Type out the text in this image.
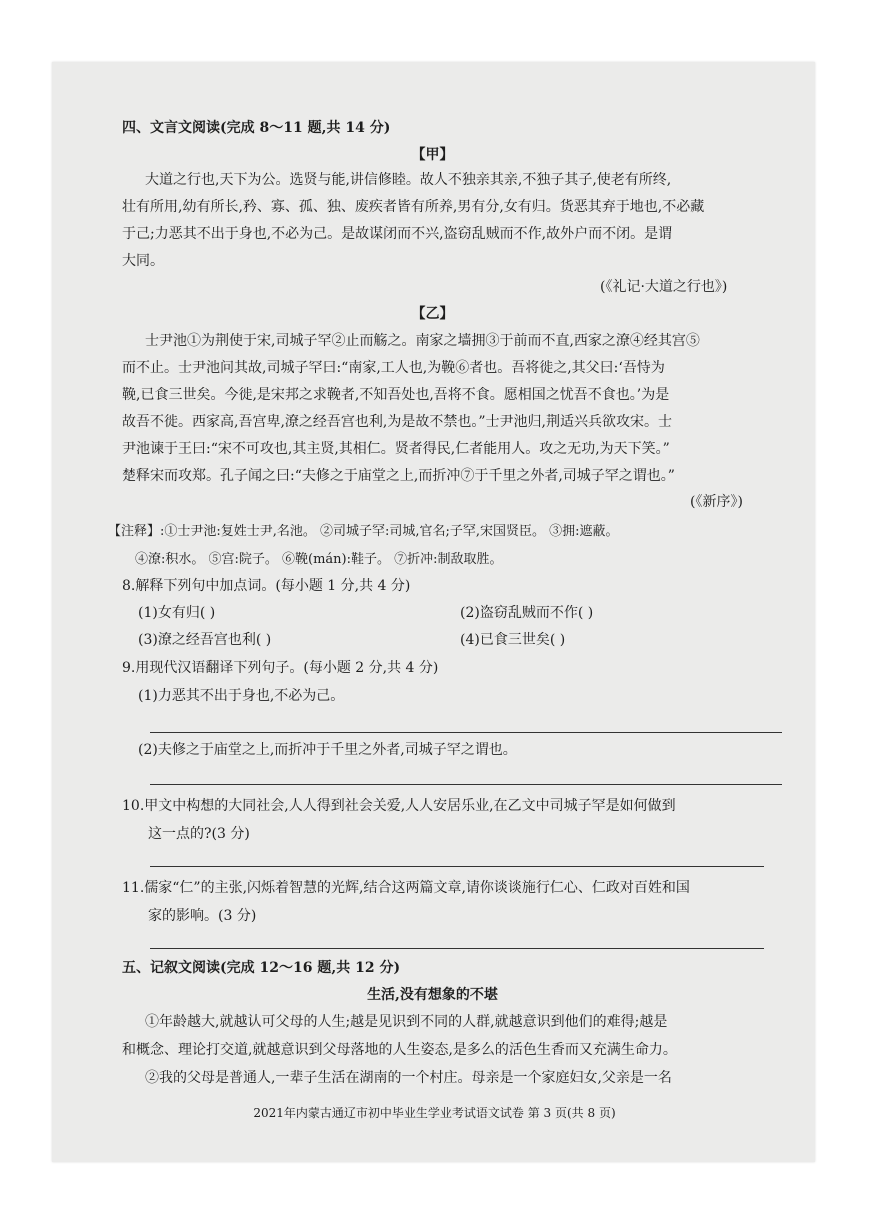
四、文言文阅读(完成 8～11 题,共 14 分)
【甲】
大道之行也,天下为公。选贤与能,讲信修睦。故人不独亲其亲,不独子其子,使老有所终,
壮有所用,幼有所长,矜、寡、孤、独、废疾者皆有所养,男有分,女有归。货恶其弃于地也,不必藏
于己;力恶其不出于身也,不必为己。是故谋闭而不兴,盗窃乱贼而不作,故外户而不闭。是谓
大同。
(《礼记·大道之行也》)
【乙】
士尹池①为荆使于宋,司城子罕②止而觞之。南家之墙拥③于前而不直,西家之潦④经其宫⑤
而不止。士尹池问其故,司城子罕曰:“南家,工人也,为鞔⑥者也。吾将徙之,其父曰:‘吾恃为
鞔,已食三世矣。今徙,是宋邦之求鞔者,不知吾处也,吾将不食。愿相国之忧吾不食也。’为是
故吾不徙。西家高,吾宫卑,潦之经吾宫也利,为是故不禁也。”士尹池归,荆适兴兵欲攻宋。士
尹池谏于王曰:“宋不可攻也,其主贤,其相仁。贤者得民,仁者能用人。攻之无功,为天下笑。”
楚释宋而攻郑。孔子闻之曰:“夫修之于庙堂之上,而折冲⑦于千里之外者,司城子罕之谓也。”
(《新序》)
【注释】:①士尹池:复姓士尹,名池。 ②司城子罕:司城,官名;子罕,宋国贤臣。 ③拥:遮蔽。
④潦:积水。 ⑤宫:院子。 ⑥鞔(mán):鞋子。 ⑦折冲:制敌取胜。
8.解释下列句中加点词。(每小题 1 分,共 4 分)
(1)女有归( )	(2)盗窃乱贼而不作( )
(3)潦之经吾宫也利( )	(4)已食三世矣( )
9.用现代汉语翻译下列句子。(每小题 2 分,共 4 分)
(1)力恶其不出于身也,不必为己。
(2)夫修之于庙堂之上,而折冲于千里之外者,司城子罕之谓也。
10.甲文中构想的大同社会,人人得到社会关爱,人人安居乐业,在乙文中司城子罕是如何做到
这一点的?(3 分)
11.儒家“仁”的主张,闪烁着智慧的光辉,结合这两篇文章,请你谈谈施行仁心、仁政对百姓和国
家的影响。(3 分)
五、记叙文阅读(完成 12～16 题,共 12 分)
生活,没有想象的不堪
①年龄越大,就越认可父母的人生;越是见识到不同的人群,就越意识到他们的难得;越是
和概念、理论打交道,就越意识到父母落地的人生姿态,是多么的活色生香而又充满生命力。
②我的父母是普通人,一辈子生活在湖南的一个村庄。母亲是一个家庭妇女,父亲是一名
2021年内蒙古通辽市初中毕业生学业考试语文试卷 第 3 页(共 8 页)
